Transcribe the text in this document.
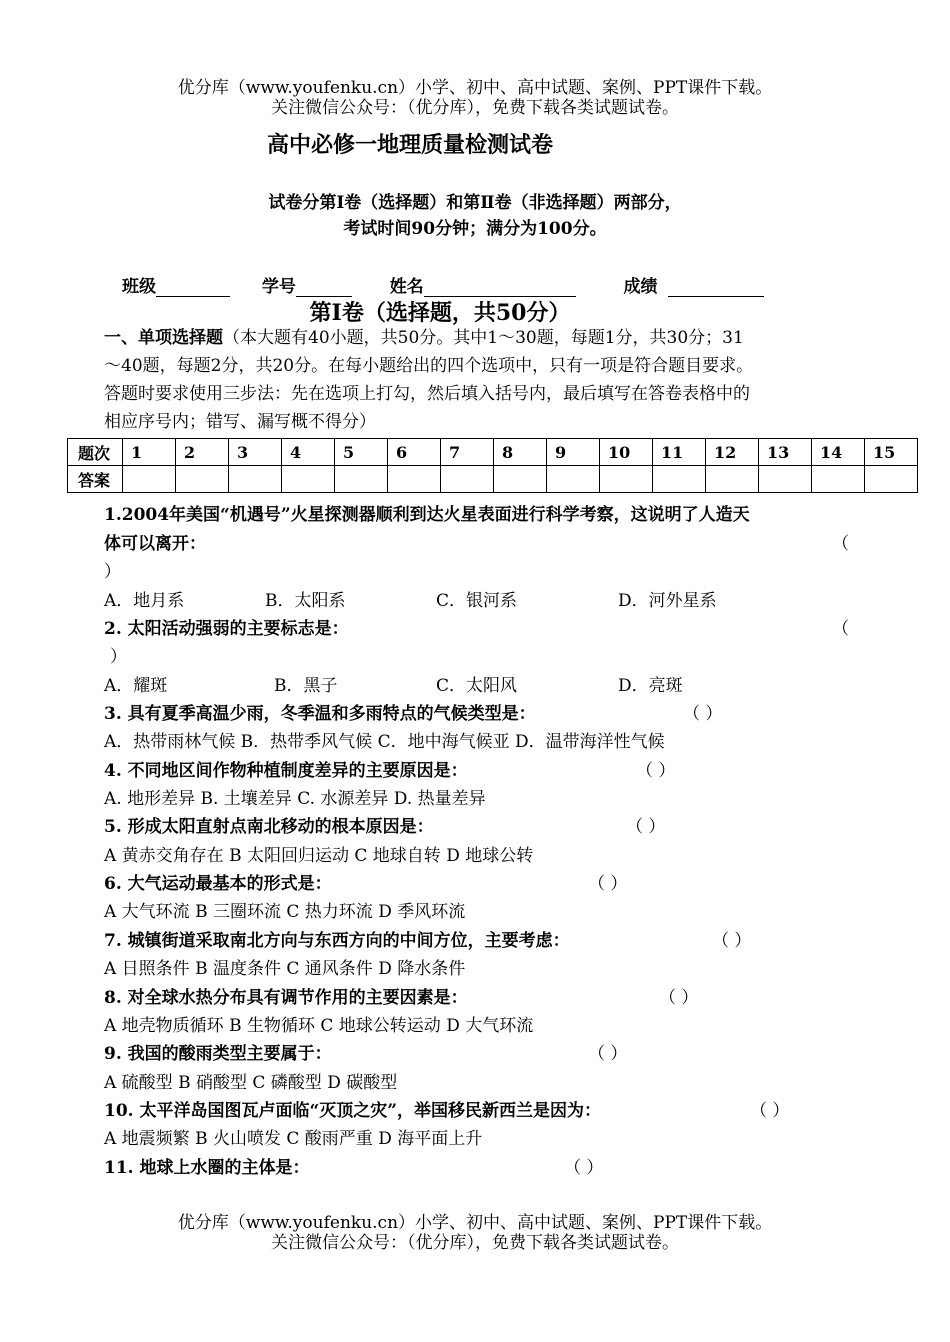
优分库（www.youfenku.cn）小学、初中、高中试题、案例、PPT课件下载。
关注微信公众号：（优分库），免费下载各类试题试卷。
高中必修一地理质量检测试卷
试卷分第Ⅰ卷（选择题）和第Ⅱ卷（非选择题）两部分，
考试时间90分钟；满分为100分。
班级	学号	姓名	成绩
第Ⅰ卷（选择题，共50分）
一、单项选择题（本大题有40小题，共50分。其中1～30题，每题1分，共30分；31
～40题，每题2分，共20分。在每小题给出的四个选项中，只有一项是符合题目要求。
答题时要求使用三步法：先在选项上打勾，然后填入括号内，最后填写在答卷表格中的
相应序号内；错写、漏写概不得分）
题次	1	2	3	4	5	6	7	8	9	10	11	12	13	14	15
答案															
1.2004年美国“机遇号”火星探测器顺利到达火星表面进行科学考察，这说明了人造天
体可以离开：	（
）
A．地月系	B．太阳系	C．银河系	D．河外星系
2. 太阳活动强弱的主要标志是：	（
）
A．耀斑	B．黑子	C．太阳风	D．亮斑
3. 具有夏季高温少雨，冬季温和多雨特点的气候类型是：	（ ）
A．热带雨林气候 B．热带季风气候 C．地中海气候亚 D．温带海洋性气候
4. 不同地区间作物种植制度差异的主要原因是：	（ ）
A. 地形差异 B. 土壤差异 C. 水源差异 D. 热量差异
5. 形成太阳直射点南北移动的根本原因是：	（ ）
A 黄赤交角存在 B 太阳回归运动 C 地球自转 D 地球公转
6. 大气运动最基本的形式是：	（ ）
A 大气环流 B 三圈环流 C 热力环流 D 季风环流
7. 城镇街道采取南北方向与东西方向的中间方位，主要考虑：	（ ）
A 日照条件 B 温度条件 C 通风条件 D 降水条件
8. 对全球水热分布具有调节作用的主要因素是：	（ ）
A 地壳物质循环 B 生物循环 C 地球公转运动 D 大气环流
9. 我国的酸雨类型主要属于：	（ ）
A 硫酸型 B 硝酸型 C 磷酸型 D 碳酸型
10. 太平洋岛国图瓦卢面临“灭顶之灾”，举国移民新西兰是因为：	（ ）
A 地震频繁 B 火山喷发 C 酸雨严重 D 海平面上升
11. 地球上水圈的主体是：	（ ）
优分库（www.youfenku.cn）小学、初中、高中试题、案例、PPT课件下载。
关注微信公众号：（优分库），免费下载各类试题试卷。
